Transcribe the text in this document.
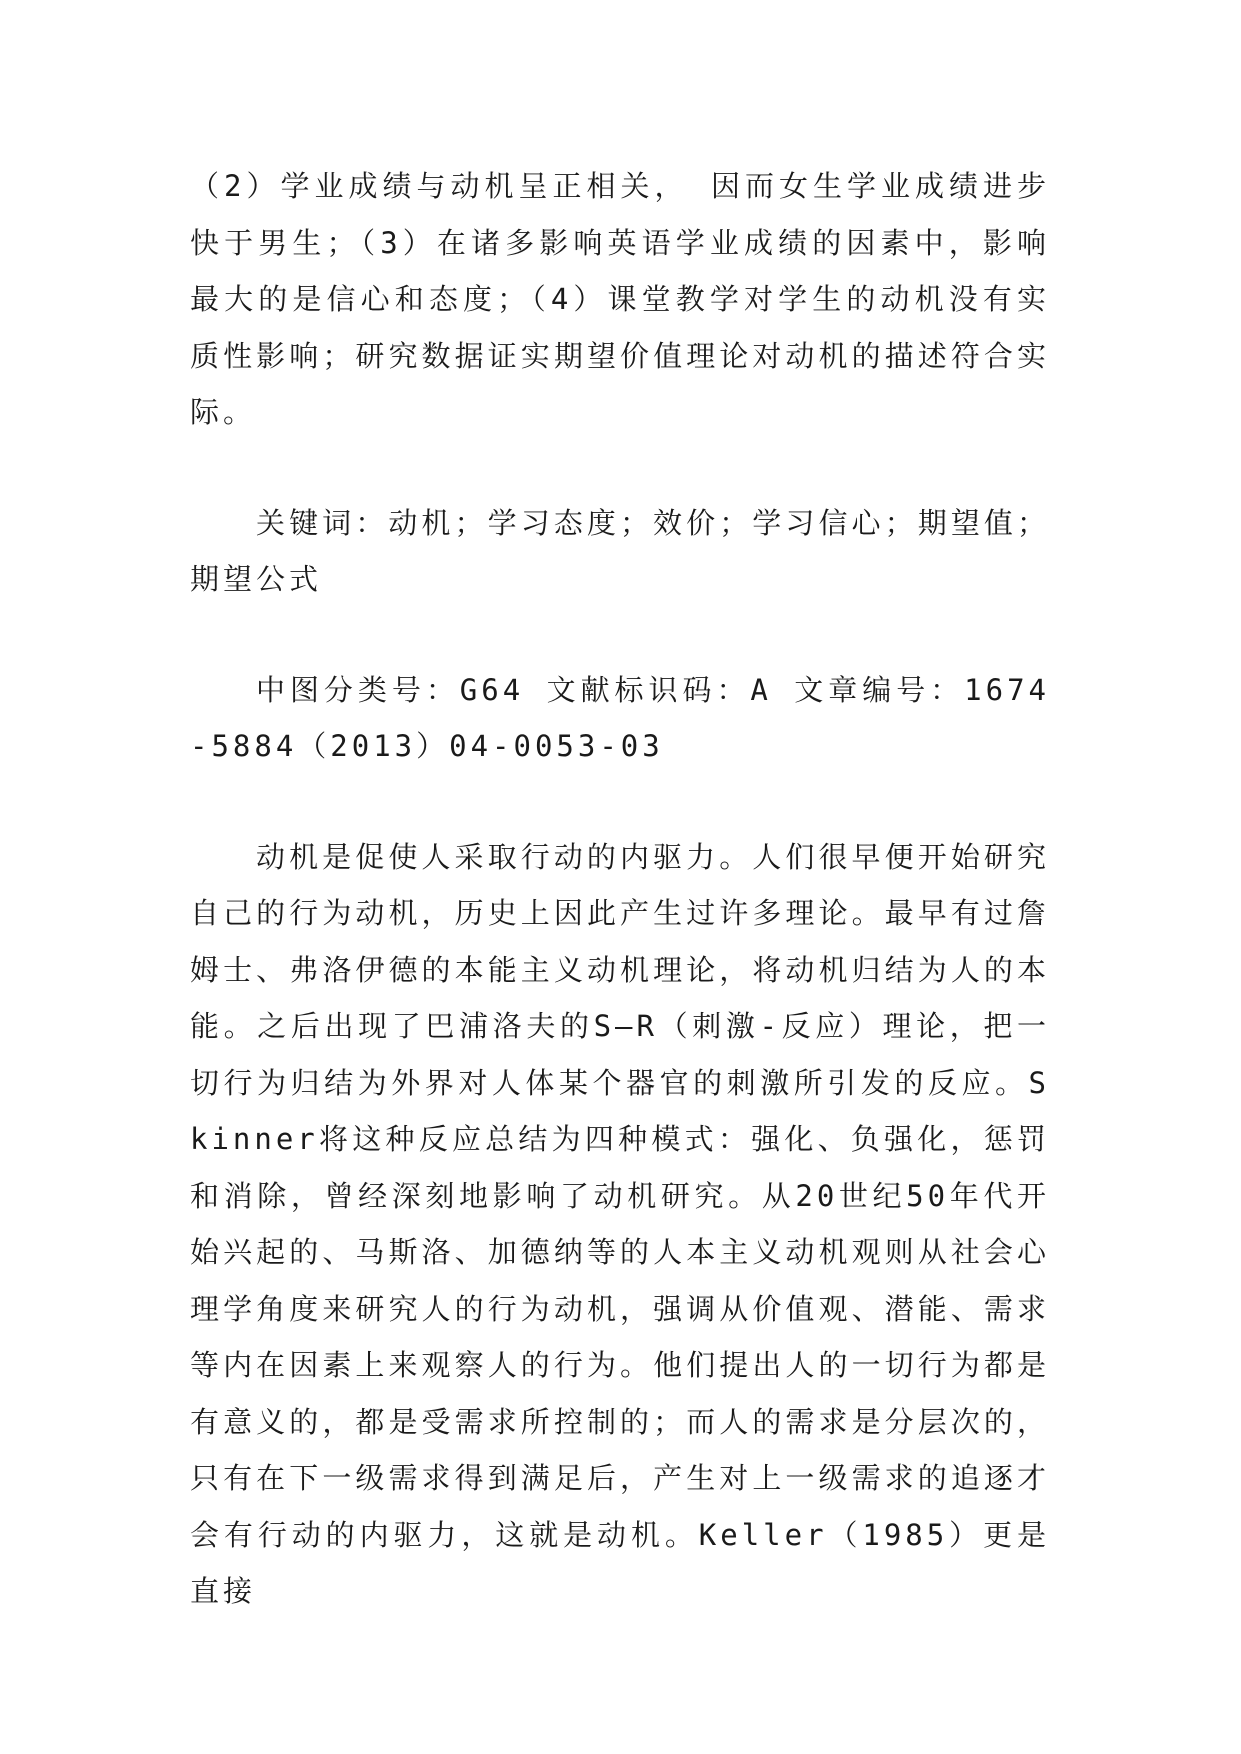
（2）学业成绩与动机呈正相关， 因而女生学业成绩进步快于男生；（3）在诸多影响英语学业成绩的因素中，影响最大的是信心和态度；（4）课堂教学对学生的动机没有实质性影响；研究数据证实期望价值理论对动机的描述符合实际。

关键词：动机；学习态度；效价；学习信心；期望值；期望公式

中图分类号：G64 文献标识码：A 文章编号：1674-5884（2013）04-0053-03

动机是促使人采取行动的内驱力。人们很早便开始研究自己的行为动机，历史上因此产生过许多理论。最早有过詹姆士、弗洛伊德的本能主义动机理论，将动机归结为人的本能。之后出现了巴浦洛夫的S—R（刺激-反应）理论，把一切行为归结为外界对人体某个器官的刺激所引发的反应。Skinner将这种反应总结为四种模式：强化、负强化，惩罚和消除，曾经深刻地影响了动机研究。从20世纪50年代开始兴起的、马斯洛、加德纳等的人本主义动机观则从社会心理学角度来研究人的行为动机，强调从价值观、潜能、需求等内在因素上来观察人的行为。他们提出人的一切行为都是有意义的，都是受需求所控制的；而人的需求是分层次的，只有在下一级需求得到满足后，产生对上一级需求的追逐才会有行动的内驱力，这就是动机。Keller（1985）更是直接
